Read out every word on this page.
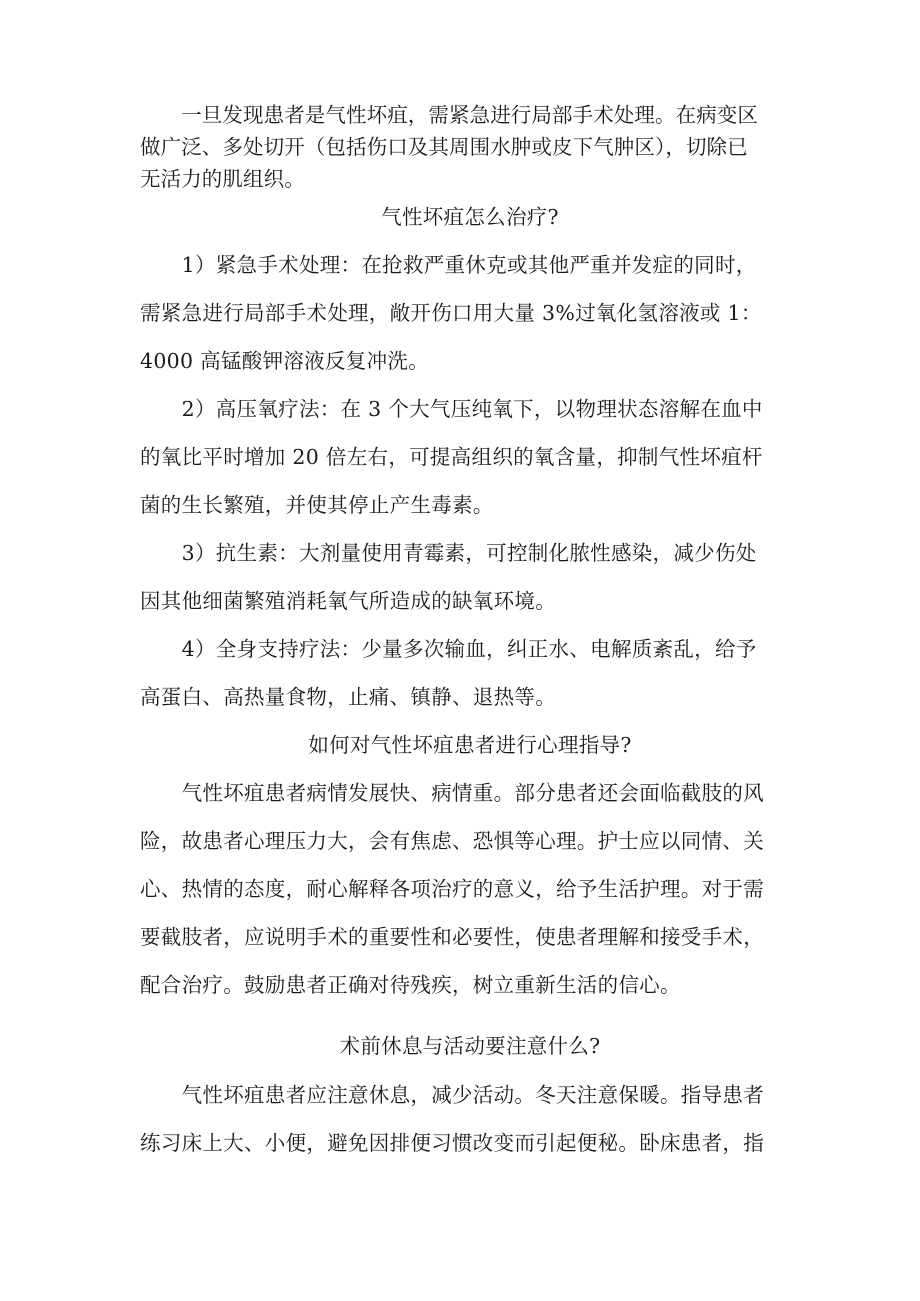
　　一旦发现患者是气性坏疽，需紧急进行局部手术处理。在病变区
做广泛、多处切开（包括伤口及其周围水肿或皮下气肿区），切除已
无活力的肌组织。
气性坏疽怎么治疗?
　　1）紧急手术处理：在抢救严重休克或其他严重并发症的同时，
需紧急进行局部手术处理，敞开伤口用大量 3%过氧化氢溶液或 1：
4000 高锰酸钾溶液反复冲洗。
　　2）高压氧疗法：在 3 个大气压纯氧下，以物理状态溶解在血中
的氧比平时增加 20 倍左右，可提高组织的氧含量，抑制气性坏疽杆
菌的生长繁殖，并使其停止产生毒素。
　　3）抗生素：大剂量使用青霉素，可控制化脓性感染，减少伤处
因其他细菌繁殖消耗氧气所造成的缺氧环境。
　　4）全身支持疗法：少量多次输血，纠正水、电解质紊乱，给予
高蛋白、高热量食物，止痛、镇静、退热等。
如何对气性坏疽患者进行心理指导?
　　气性坏疽患者病情发展快、病情重。部分患者还会面临截肢的风
险，故患者心理压力大，会有焦虑、恐惧等心理。护士应以同情、关
心、热情的态度，耐心解释各项治疗的意义，给予生活护理。对于需
要截肢者，应说明手术的重要性和必要性，使患者理解和接受手术，
配合治疗。鼓励患者正确对待残疾，树立重新生活的信心。
术前休息与活动要注意什么?
　　气性坏疽患者应注意休息，减少活动。冬天注意保暖。指导患者
练习床上大、小便，避免因排便习惯改变而引起便秘。卧床患者，指
